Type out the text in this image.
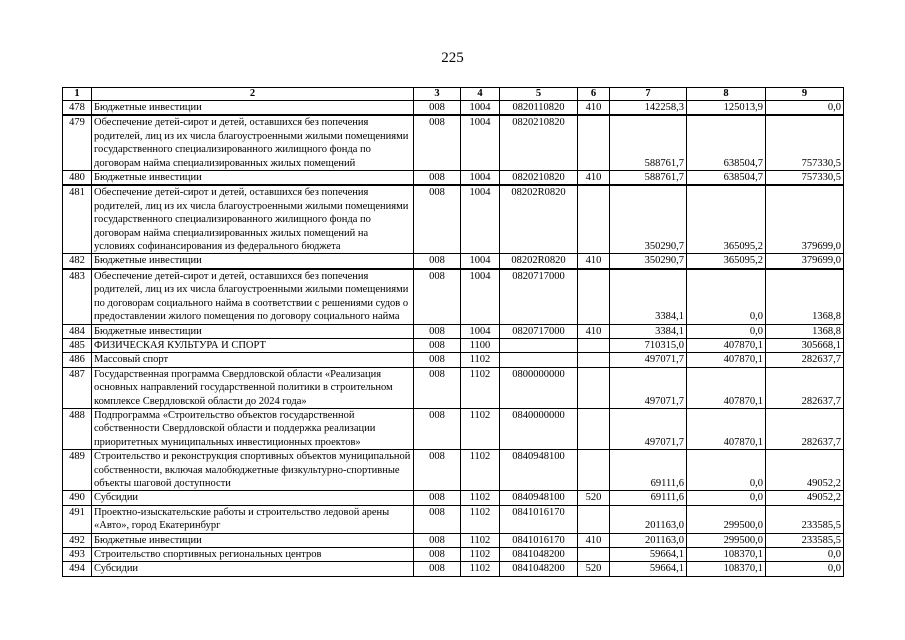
225
1	2	3	4	5	6	7	8	9
478	Бюджетные инвестиции	008	1004	0820110820	410	142258,3	125013,9	0,0
479	Обеспечение детей-сирот и детей, оставшихся без попечения родителей, лиц из их числа благоустроенными жилыми помещениями государственного специализированного жилищного фонда по договорам найма специализированных жилых помещений	008	1004	0820210820		588761,7	638504,7	757330,5
480	Бюджетные инвестиции	008	1004	0820210820	410	588761,7	638504,7	757330,5
481	Обеспечение детей-сирот и детей, оставшихся без попечения родителей, лиц из их числа благоустроенными жилыми помещениями государственного специализированного жилищного фонда по договорам найма специализированных жилых помещений на условиях софинансирования из федерального бюджета	008	1004	08202R0820		350290,7	365095,2	379699,0
482	Бюджетные инвестиции	008	1004	08202R0820	410	350290,7	365095,2	379699,0
483	Обеспечение детей-сирот и детей, оставшихся без попечения родителей, лиц из их числа благоустроенными жилыми помещениями по договорам социального найма в соответствии с решениями судов о предоставлении жилого помещения по договору социального найма	008	1004	0820717000		3384,1	0,0	1368,8
484	Бюджетные инвестиции	008	1004	0820717000	410	3384,1	0,0	1368,8
485	ФИЗИЧЕСКАЯ КУЛЬТУРА И СПОРТ	008	1100			710315,0	407870,1	305668,1
486	Массовый спорт	008	1102			497071,7	407870,1	282637,7
487	Государственная программа Свердловской области «Реализация основных направлений государственной политики в строительном комплексе Свердловской области до 2024 года»	008	1102	0800000000		497071,7	407870,1	282637,7
488	Подпрограмма «Строительство объектов государственной собственности Свердловской области и поддержка реализации приоритетных муниципальных инвестиционных проектов»	008	1102	0840000000		497071,7	407870,1	282637,7
489	Строительство и реконструкция спортивных объектов муниципальной собственности, включая малобюджетные физкультурно-спортивные объекты шаговой доступности	008	1102	0840948100		69111,6	0,0	49052,2
490	Субсидии	008	1102	0840948100	520	69111,6	0,0	49052,2
491	Проектно-изыскательские работы и строительство ледовой арены «Авто», город Екатеринбург	008	1102	0841016170		201163,0	299500,0	233585,5
492	Бюджетные инвестиции	008	1102	0841016170	410	201163,0	299500,0	233585,5
493	Строительство спортивных региональных центров	008	1102	0841048200		59664,1	108370,1	0,0
494	Субсидии	008	1102	0841048200	520	59664,1	108370,1	0,0
